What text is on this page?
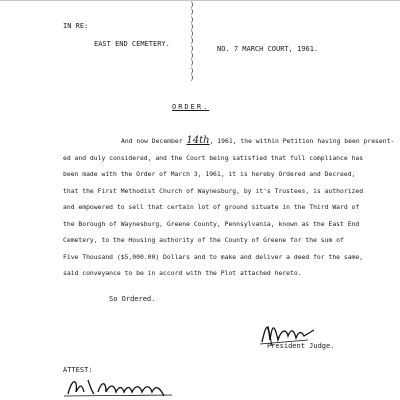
IN RE:
EAST END CEMETERY.
NO. 7 MARCH COURT, 1961.
)
)
)
)
)
)
)
)
)
)
)
ORDER.
And now December 14th, 1961, the within Petition having been present-
ed and duly considered, and the Court being satisfied that full compliance has
been made with the Order of March 3, 1961, it is hereby Ordered and Decreed,
that the First Methodist Church of Waynesburg, by it's Trustees, is authorized
and empowered to sell that certain lot of ground situate in the Third Ward of
the Borough of Waynesburg, Greene County, Pennsylvania, known as the East End
Cemetery, to the Housing authority of the County of Greene for the sum of
Five Thousand ($5,000.00) Dollars and to make and deliver a deed for the same,
said conveyance to be in accord with the Plot attached hereto.
So Ordered.
President Judge.
ATTEST:
